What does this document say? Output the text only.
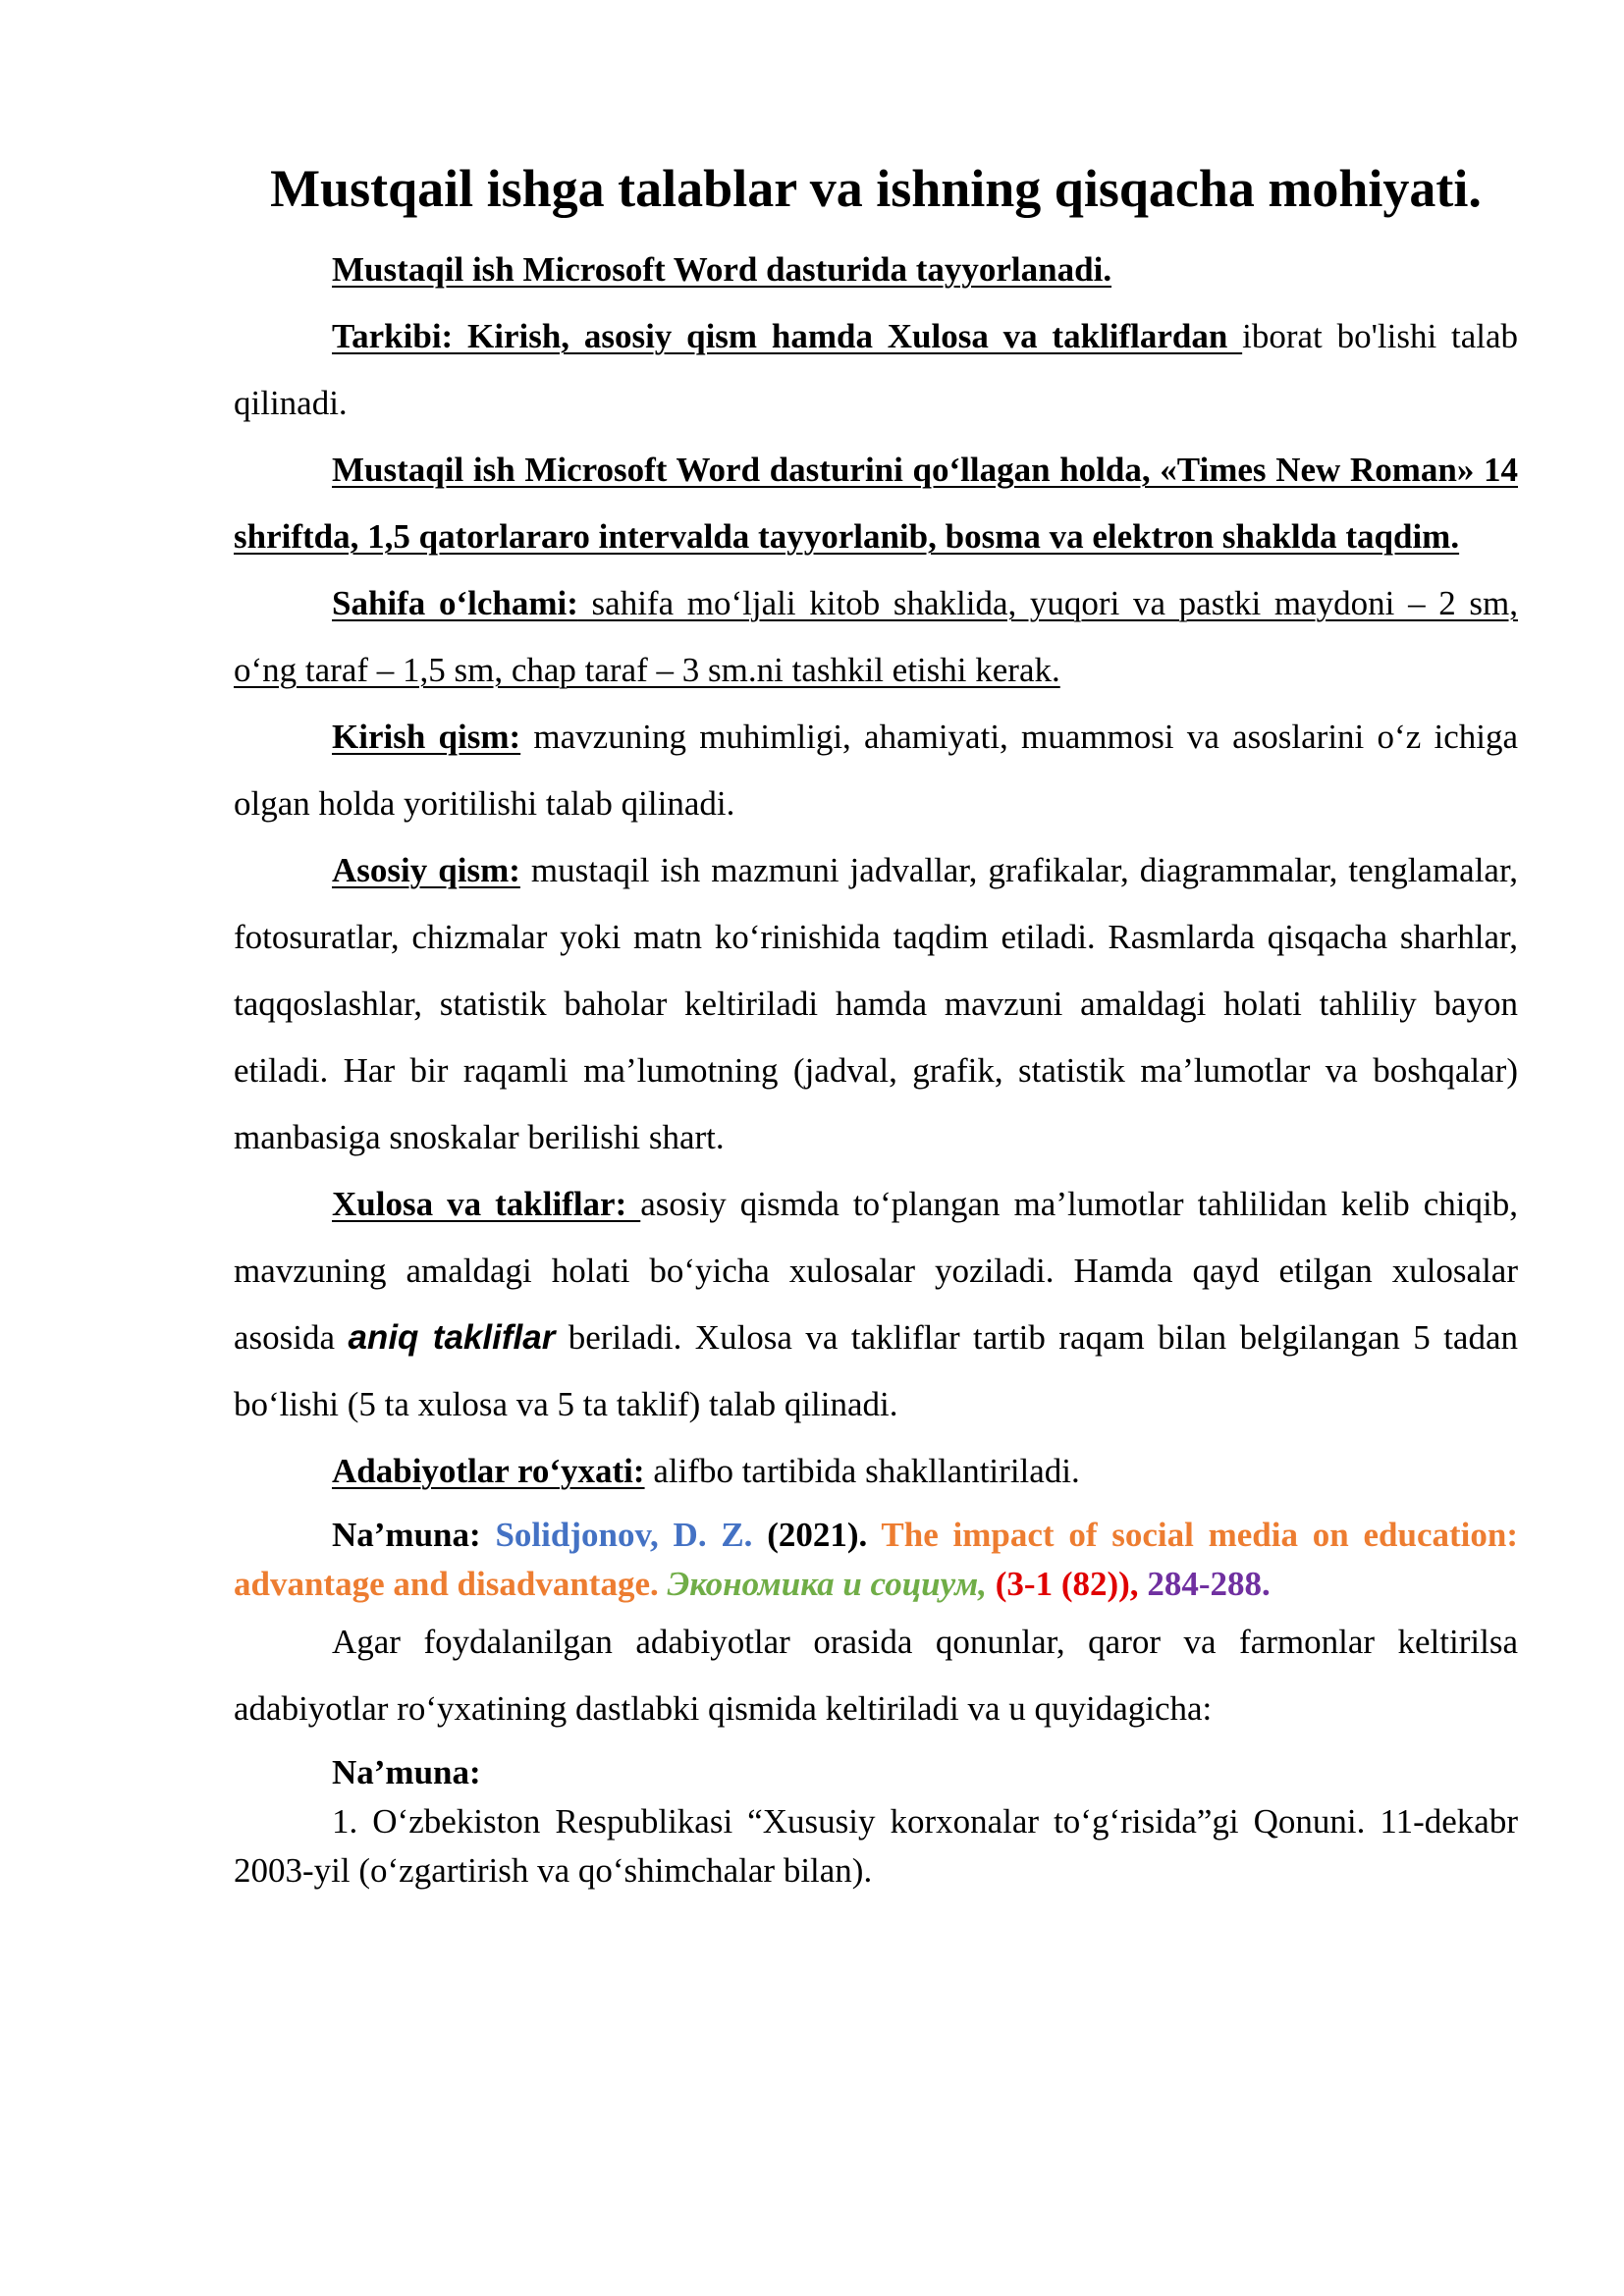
Mustqail ishga talablar va ishning qisqacha mohiyati.

Mustaqil ish Microsoft Word dasturida tayyorlanadi.

Tarkibi: Kirish, asosiy qism hamda Xulosa va takliflardan iborat bo'lishi talab qilinadi.

Mustaqil ish Microsoft Word dasturini qo‘llagan holda, «Times New Roman» 14 shriftda, 1,5 qatorlararo intervalda tayyorlanib, bosma va elektron shaklda taqdim.

Sahifa o‘lchami: sahifa mo‘ljali kitob shaklida, yuqori va pastki maydoni – 2 sm, o‘ng taraf – 1,5 sm, chap taraf – 3 sm.ni tashkil etishi kerak.

Kirish qism: mavzuning muhimligi, ahamiyati, muammosi va asoslarini o‘z ichiga olgan holda yoritilishi talab qilinadi.

Asosiy qism: mustaqil ish mazmuni jadvallar, grafikalar, diagrammalar, tenglamalar, fotosuratlar, chizmalar yoki matn ko‘rinishida taqdim etiladi. Rasmlarda qisqacha sharhlar, taqqoslashlar, statistik baholar keltiriladi hamda mavzuni amaldagi holati tahliliy bayon etiladi. Har bir raqamli ma’lumotning (jadval, grafik, statistik ma’lumotlar va boshqalar) manbasiga snoskalar berilishi shart.

Xulosa va takliflar: asosiy qismda to‘plangan ma’lumotlar tahlilidan kelib chiqib, mavzuning amaldagi holati bo‘yicha xulosalar yoziladi. Hamda qayd etilgan xulosalar asosida aniq takliflar beriladi. Xulosa va takliflar tartib raqam bilan belgilangan 5 tadan bo‘lishi (5 ta xulosa va 5 ta taklif) talab qilinadi.

Adabiyotlar ro‘yxati: alifbo tartibida shakllantiriladi.

Na’muna: Solidjonov, D. Z. (2021). The impact of social media on education: advantage and disadvantage. Экономика и социум, (3-1 (82)), 284-288.

Agar foydalanilgan adabiyotlar orasida qonunlar, qaror va farmonlar keltirilsa adabiyotlar ro‘yxatining dastlabki qismida keltiriladi va u quyidagicha:

Na’muna:

1. O‘zbekiston Respublikasi “Xususiy korxonalar to‘g‘risida”gi Qonuni. 11-dekabr 2003-yil (o‘zgartirish va qo‘shimchalar bilan).
